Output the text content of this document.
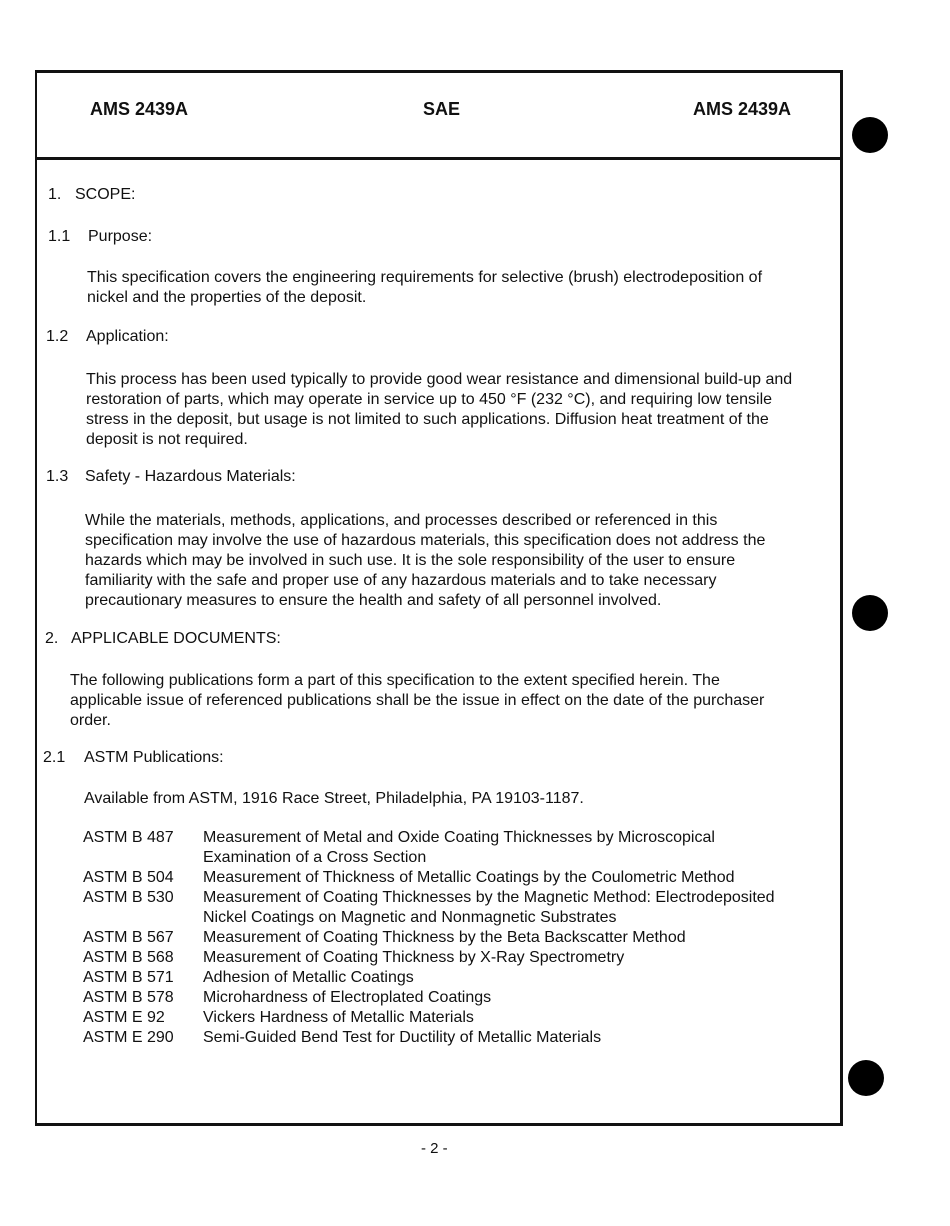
AMS 2439A	SAE	AMS 2439A
1. SCOPE:
1.1 Purpose:
This specification covers the engineering requirements for selective (brush) electrodeposition of
nickel and the properties of the deposit.
1.2 Application:
This process has been used typically to provide good wear resistance and dimensional build-up and
restoration of parts, which may operate in service up to 450 °F (232 °C), and requiring low tensile
stress in the deposit, but usage is not limited to such applications. Diffusion heat treatment of the
deposit is not required.
1.3 Safety - Hazardous Materials:
While the materials, methods, applications, and processes described or referenced in this
specification may involve the use of hazardous materials, this specification does not address the
hazards which may be involved in such use. It is the sole responsibility of the user to ensure
familiarity with the safe and proper use of any hazardous materials and to take necessary
precautionary measures to ensure the health and safety of all personnel involved.
2. APPLICABLE DOCUMENTS:
The following publications form a part of this specification to the extent specified herein. The
applicable issue of referenced publications shall be the issue in effect on the date of the purchaser
order.
2.1 ASTM Publications:
Available from ASTM, 1916 Race Street, Philadelphia, PA 19103-1187.
ASTM B 487	Measurement of Metal and Oxide Coating Thicknesses by Microscopical Examination of a Cross Section
ASTM B 504	Measurement of Thickness of Metallic Coatings by the Coulometric Method
ASTM B 530	Measurement of Coating Thicknesses by the Magnetic Method: Electrodeposited Nickel Coatings on Magnetic and Nonmagnetic Substrates
ASTM B 567	Measurement of Coating Thickness by the Beta Backscatter Method
ASTM B 568	Measurement of Coating Thickness by X-Ray Spectrometry
ASTM B 571	Adhesion of Metallic Coatings
ASTM B 578	Microhardness of Electroplated Coatings
ASTM E 92	Vickers Hardness of Metallic Materials
ASTM E 290	Semi-Guided Bend Test for Ductility of Metallic Materials
- 2 -
